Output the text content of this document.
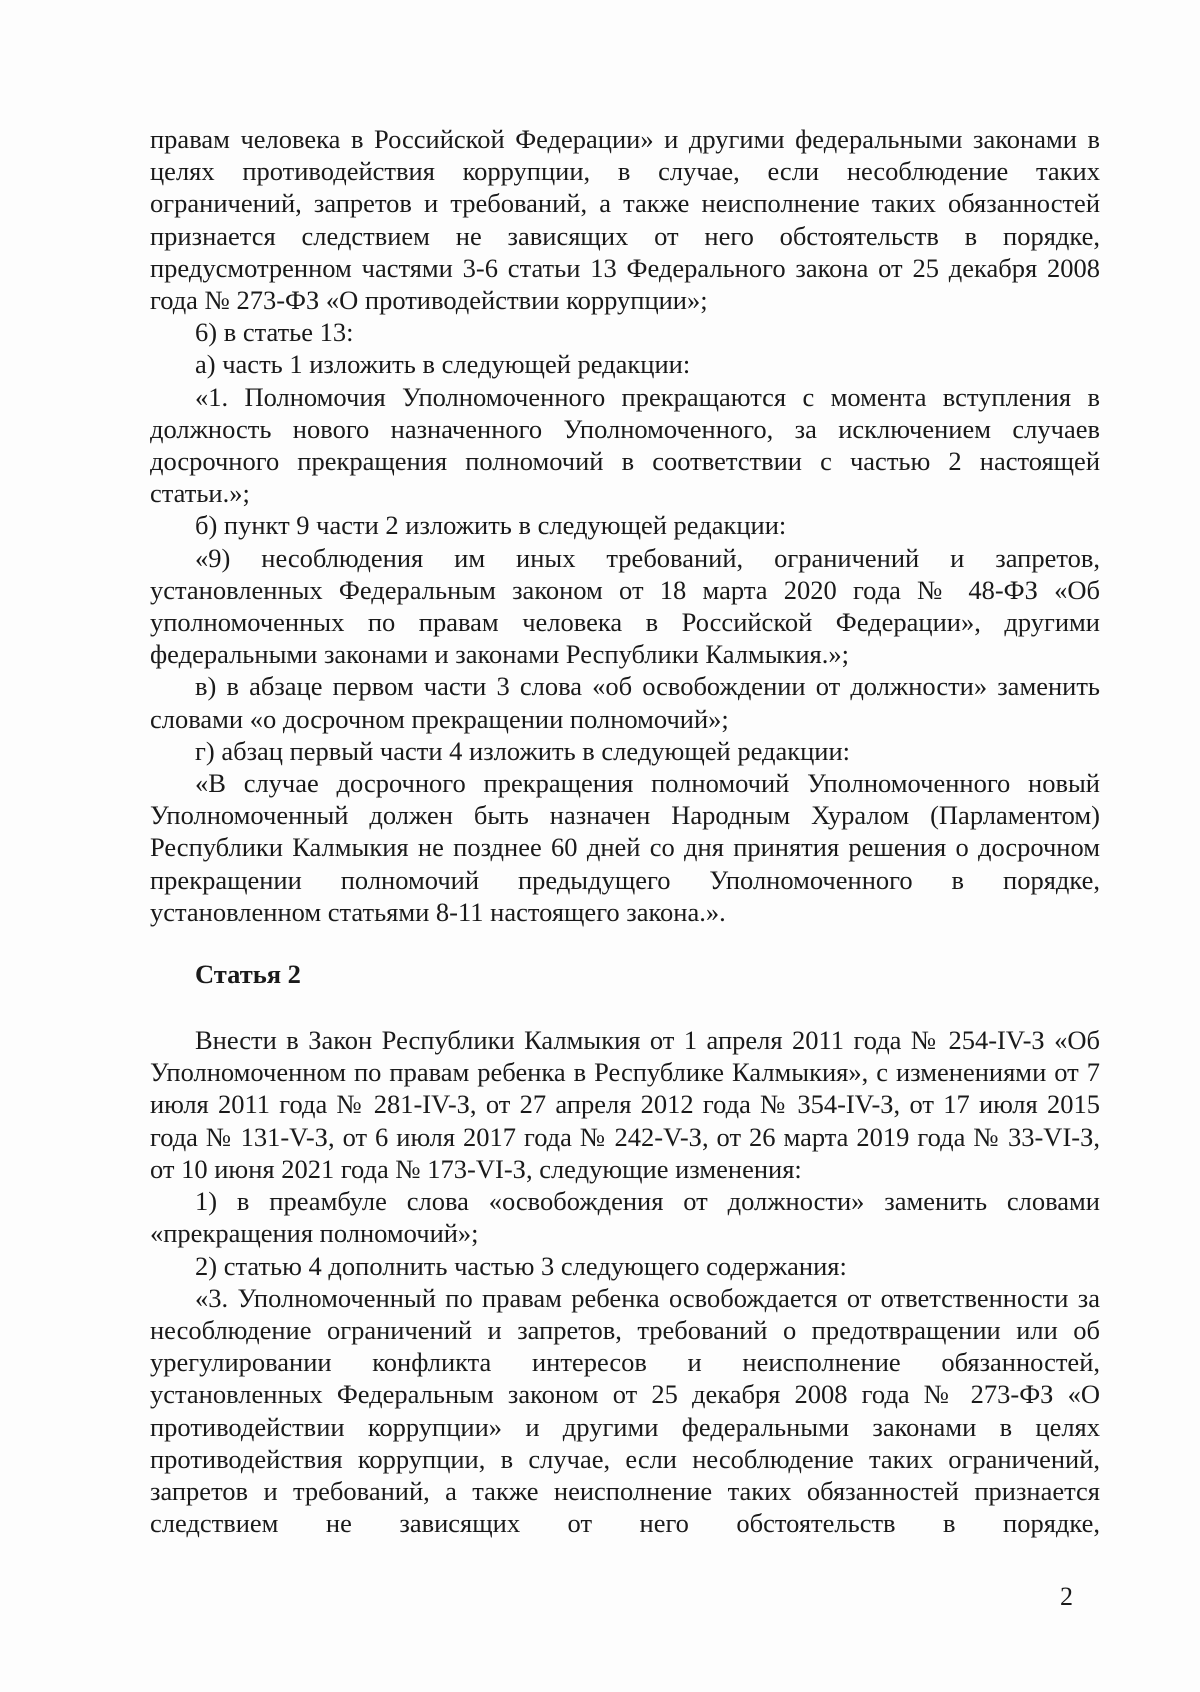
правам человека в Российской Федерации» и другими федеральными законами в целях противодействия коррупции, в случае, если несоблюдение таких ограничений, запретов и требований, а также неисполнение таких обязанностей признается следствием не зависящих от него обстоятельств в порядке, предусмотренном частями 3-6 статьи 13 Федерального закона от 25 декабря 2008 года № 273-ФЗ «О противодействии коррупции»;

6) в статье 13:

а) часть 1 изложить в следующей редакции:

«1. Полномочия Уполномоченного прекращаются с момента вступления в должность нового назначенного Уполномоченного, за исключением случаев досрочного прекращения полномочий в соответствии с частью 2 настоящей статьи.»;

б) пункт 9 части 2 изложить в следующей редакции:

«9) несоблюдения им иных требований, ограничений и запретов, установленных Федеральным законом от 18 марта 2020 года № 48-ФЗ «Об уполномоченных по правам человека в Российской Федерации», другими федеральными законами и законами Республики Калмыкия.»;

в) в абзаце первом части 3 слова «об освобождении от должности» заменить словами «о досрочном прекращении полномочий»;

г) абзац первый части 4 изложить в следующей редакции:

«В случае досрочного прекращения полномочий Уполномоченного новый Уполномоченный должен быть назначен Народным Хуралом (Парламентом) Республики Калмыкия не позднее 60 дней со дня принятия решения о досрочном прекращении полномочий предыдущего Уполномоченного в порядке, установленном статьями 8-11 настоящего закона.».

Статья 2

Внести в Закон Республики Калмыкия от 1 апреля 2011 года № 254-IV-З «Об Уполномоченном по правам ребенка в Республике Калмыкия», с изменениями от 7 июля 2011 года № 281-IV-З, от 27 апреля 2012 года № 354-IV-З, от 17 июля 2015 года № 131-V-З, от 6 июля 2017 года № 242-V-З, от 26 марта 2019 года № 33-VI-З, от 10 июня 2021 года № 173-VI-З, следующие изменения:

1) в преамбуле слова «освобождения от должности» заменить словами «прекращения полномочий»;

2) статью 4 дополнить частью 3 следующего содержания:

«3. Уполномоченный по правам ребенка освобождается от ответственности за несоблюдение ограничений и запретов, требований о предотвращении или об урегулировании конфликта интересов и неисполнение обязанностей, установленных Федеральным законом от 25 декабря 2008 года № 273-ФЗ «О противодействии коррупции» и другими федеральными законами в целях противодействия коррупции, в случае, если несоблюдение таких ограничений, запретов и требований, а также неисполнение таких обязанностей признается следствием не зависящих от него обстоятельств в порядке,

2
